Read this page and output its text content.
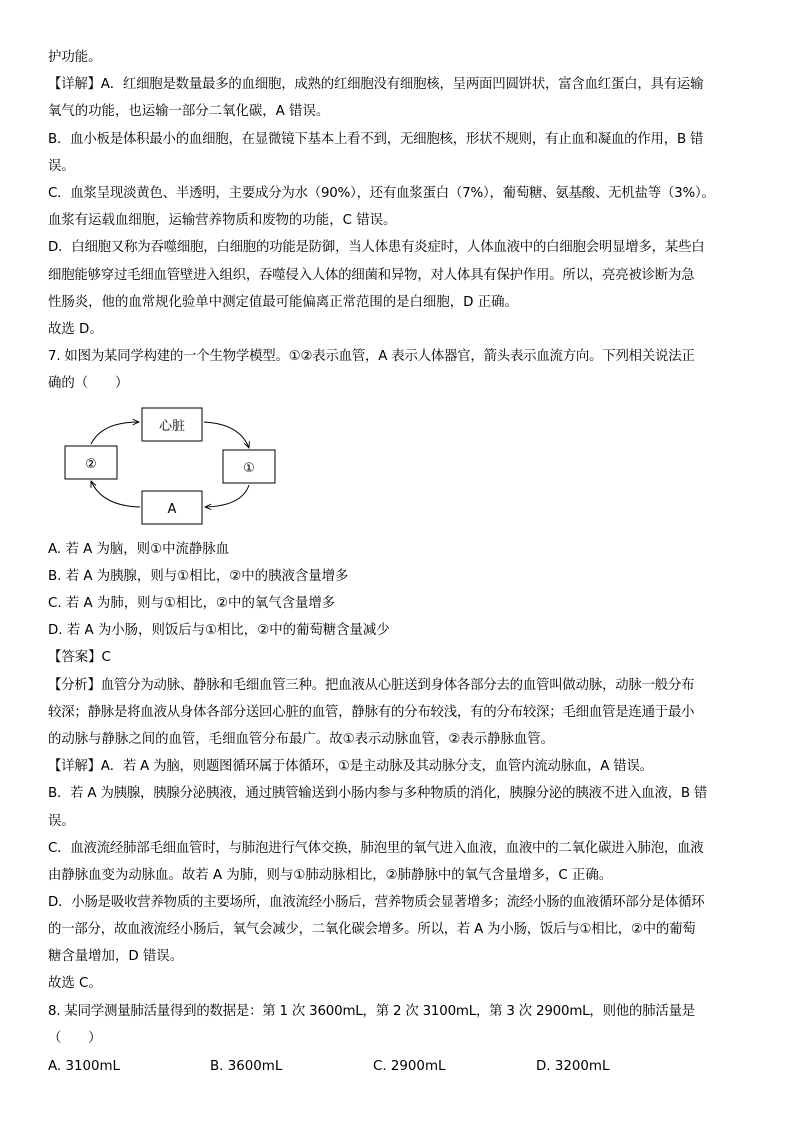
护功能。
【详解】A．红细胞是数量最多的血细胞，成熟的红细胞没有细胞核，呈两面凹圆饼状，富含血红蛋白，具有运输
氧气的功能，也运输一部分二氧化碳，A 错误。
B．血小板是体积最小的血细胞，在显微镜下基本上看不到，无细胞核，形状不规则，有止血和凝血的作用，B 错
误。
C．血浆呈现淡黄色、半透明，主要成分为水（90%），还有血浆蛋白（7%），葡萄糖、氨基酸、无机盐等（3%）。
血浆有运载血细胞，运输营养物质和废物的功能，C 错误。
D．白细胞又称为吞噬细胞，白细胞的功能是防御，当人体患有炎症时，人体血液中的白细胞会明显增多，某些白
细胞能够穿过毛细血管壁进入组织，吞噬侵入人体的细菌和异物，对人体具有保护作用。所以，亮亮被诊断为急
性肠炎，他的血常规化验单中测定值最可能偏离正常范围的是白细胞，D 正确。
故选 D。
7. 如图为某同学构建的一个生物学模型。①②表示血管，A 表示人体器官，箭头表示血流方向。下列相关说法正
确的（　　）
心脏
①
②
A
A. 若 A 为脑，则①中流静脉血
B. 若 A 为胰腺，则与①相比，②中的胰液含量增多
C. 若 A 为肺，则与①相比，②中的氧气含量增多
D. 若 A 为小肠，则饭后与①相比，②中的葡萄糖含量减少
【答案】C
【分析】血管分为动脉、静脉和毛细血管三种。把血液从心脏送到身体各部分去的血管叫做动脉，动脉一般分布
较深；静脉是将血液从身体各部分送回心脏的血管，静脉有的分布较浅，有的分布较深；毛细血管是连通于最小
的动脉与静脉之间的血管，毛细血管分布最广。故①表示动脉血管，②表示静脉血管。
【详解】A．若 A 为脑，则题图循环属于体循环，①是主动脉及其动脉分支，血管内流动脉血，A 错误。
B．若 A 为胰腺，胰腺分泌胰液，通过胰管输送到小肠内参与多种物质的消化，胰腺分泌的胰液不进入血液，B 错
误。
C．血液流经肺部毛细血管时，与肺泡进行气体交换，肺泡里的氧气进入血液，血液中的二氧化碳进入肺泡，血液
由静脉血变为动脉血。故若 A 为肺，则与①肺动脉相比，②肺静脉中的氧气含量增多，C 正确。
D．小肠是吸收营养物质的主要场所，血液流经小肠后，营养物质会显著增多；流经小肠的血液循环部分是体循环
的一部分，故血液流经小肠后，氧气会减少，二氧化碳会增多。所以，若 A 为小肠，饭后与①相比，②中的葡萄
糖含量增加，D 错误。
故选 C。
8. 某同学测量肺活量得到的数据是：第 1 次 3600mL，第 2 次 3100mL，第 3 次 2900mL，则他的肺活量是
（　　）
A. 3100mL	B. 3600mL	C. 2900mL	D. 3200mL
